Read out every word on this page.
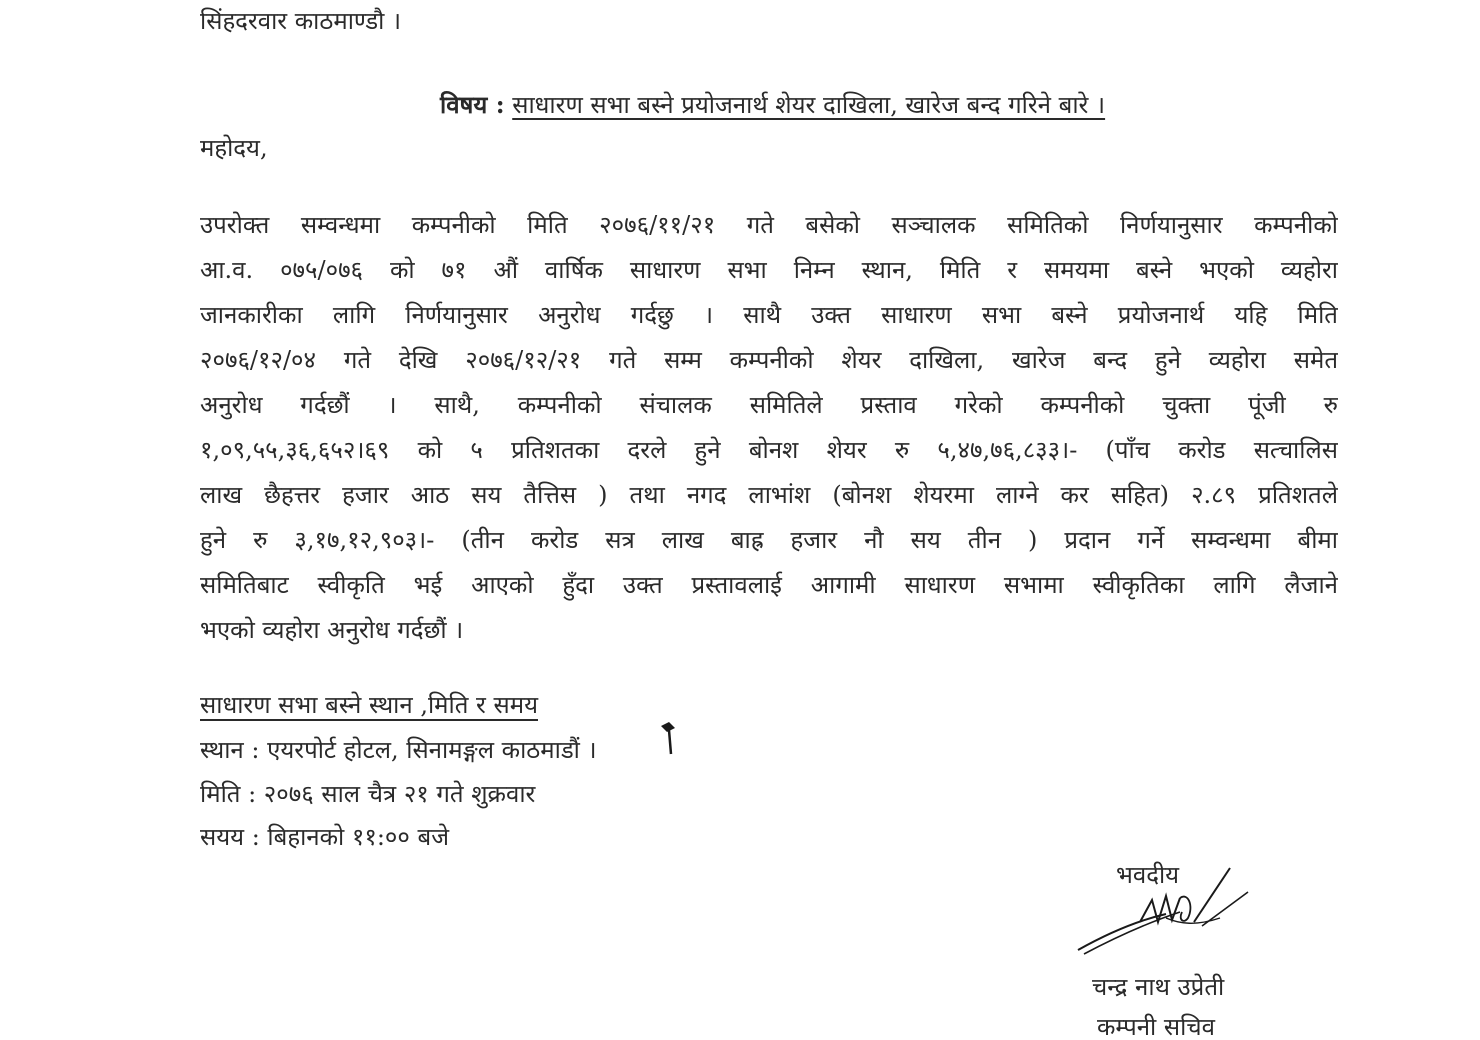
सिंहदरवार काठमाण्डौ ।
विषय : साधारण सभा बस्ने प्रयोजनार्थ शेयर दाखिला, खारेज बन्द गरिने बारे ।
महोदय,
उपरोक्त सम्वन्धमा कम्पनीको मिति २०७६/११/२१ गते बसेको सञ्चालक समितिको निर्णयानुसार कम्पनीको
आ.व. ०७५/०७६ को ७१ औं वार्षिक साधारण सभा निम्न स्थान, मिति र समयमा बस्ने भएको व्यहोरा
जानकारीका लागि निर्णयानुसार अनुरोध गर्दछु । साथै उक्त साधारण सभा बस्ने प्रयोजनार्थ यहि मिति
२०७६/१२/०४ गते देखि २०७६/१२/२१ गते सम्म कम्पनीको शेयर दाखिला, खारेज बन्द हुने व्यहोरा समेत
अनुरोध गर्दछौं । साथै, कम्पनीको संचालक समितिले प्रस्ताव गरेको कम्पनीको चुक्ता पूंजी रु
१,०९,५५,३६,६५२।६९ को ५ प्रतिशतका दरले हुने बोनश शेयर रु ५,४७,७६,८३३।- (पाँच करोड सत्चालिस
लाख छैहत्तर हजार आठ सय तैत्तिस ) तथा नगद लाभांश (बोनश शेयरमा लाग्ने कर सहित) २.८९ प्रतिशतले
हुने रु ३,१७,१२,९०३।- (तीन करोड सत्र लाख बाह्र हजार नौ सय तीन ) प्रदान गर्ने सम्वन्धमा बीमा
समितिबाट स्वीकृति भई आएको हुँदा उक्त प्रस्तावलाई आगामी साधारण सभामा स्वीकृतिका लागि लैजाने
भएको व्यहोरा अनुरोध गर्दछौं ।
साधारण सभा बस्ने स्थान ,मिति र समय
स्थान : एयरपोर्ट होटल, सिनामङ्गल काठमाडौं ।
मिति : २०७६ साल चैत्र २१ गते शुक्रवार
सयय : बिहानको ११:०० बजे
भवदीय
चन्द्र नाथ उप्रेती
कम्पनी सचिव
